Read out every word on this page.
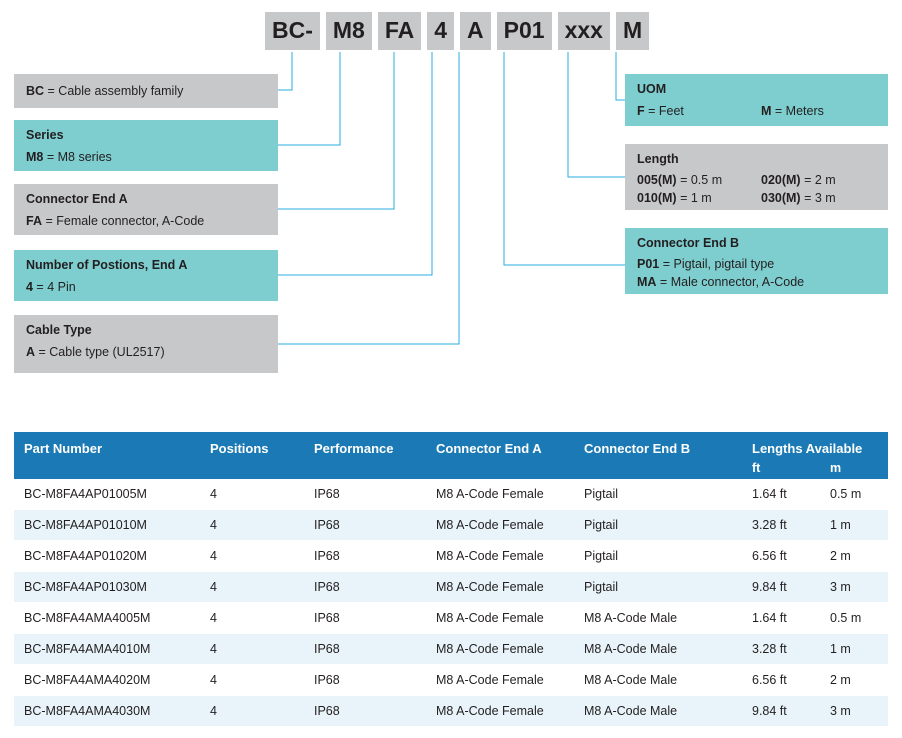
BC- M8 FA 4 A P01 xxx M
BC = Cable assembly family
Series
M8 = M8 series
Connector End A
FA = Female connector, A-Code
Number of Postions, End A
4 = 4 Pin
Cable Type
A = Cable type (UL2517)
UOM
F = Feet	M = Meters
Length
005(M) = 0.5 m	020(M) = 2 m
010(M) = 1 m	030(M) = 3 m
Connector End B
P01 = Pigtail, pigtail type
MA = Male connector, A-Code
Part Number	Positions	Performance	Connector End A	Connector End B	Lengths Available
ft m	

BC-M8FA4AP01005M	4	IP68	M8 A-Code Female	Pigtail	1.64 ft	0.5 m
BC-M8FA4AP01010M	4	IP68	M8 A-Code Female	Pigtail	3.28 ft	1 m
BC-M8FA4AP01020M	4	IP68	M8 A-Code Female	Pigtail	6.56 ft	2 m
BC-M8FA4AP01030M	4	IP68	M8 A-Code Female	Pigtail	9.84 ft	3 m
BC-M8FA4AMA4005M	4	IP68	M8 A-Code Female	M8 A-Code Male	1.64 ft	0.5 m
BC-M8FA4AMA4010M	4	IP68	M8 A-Code Female	M8 A-Code Male	3.28 ft	1 m
BC-M8FA4AMA4020M	4	IP68	M8 A-Code Female	M8 A-Code Male	6.56 ft	2 m
BC-M8FA4AMA4030M	4	IP68	M8 A-Code Female	M8 A-Code Male	9.84 ft	3 m
